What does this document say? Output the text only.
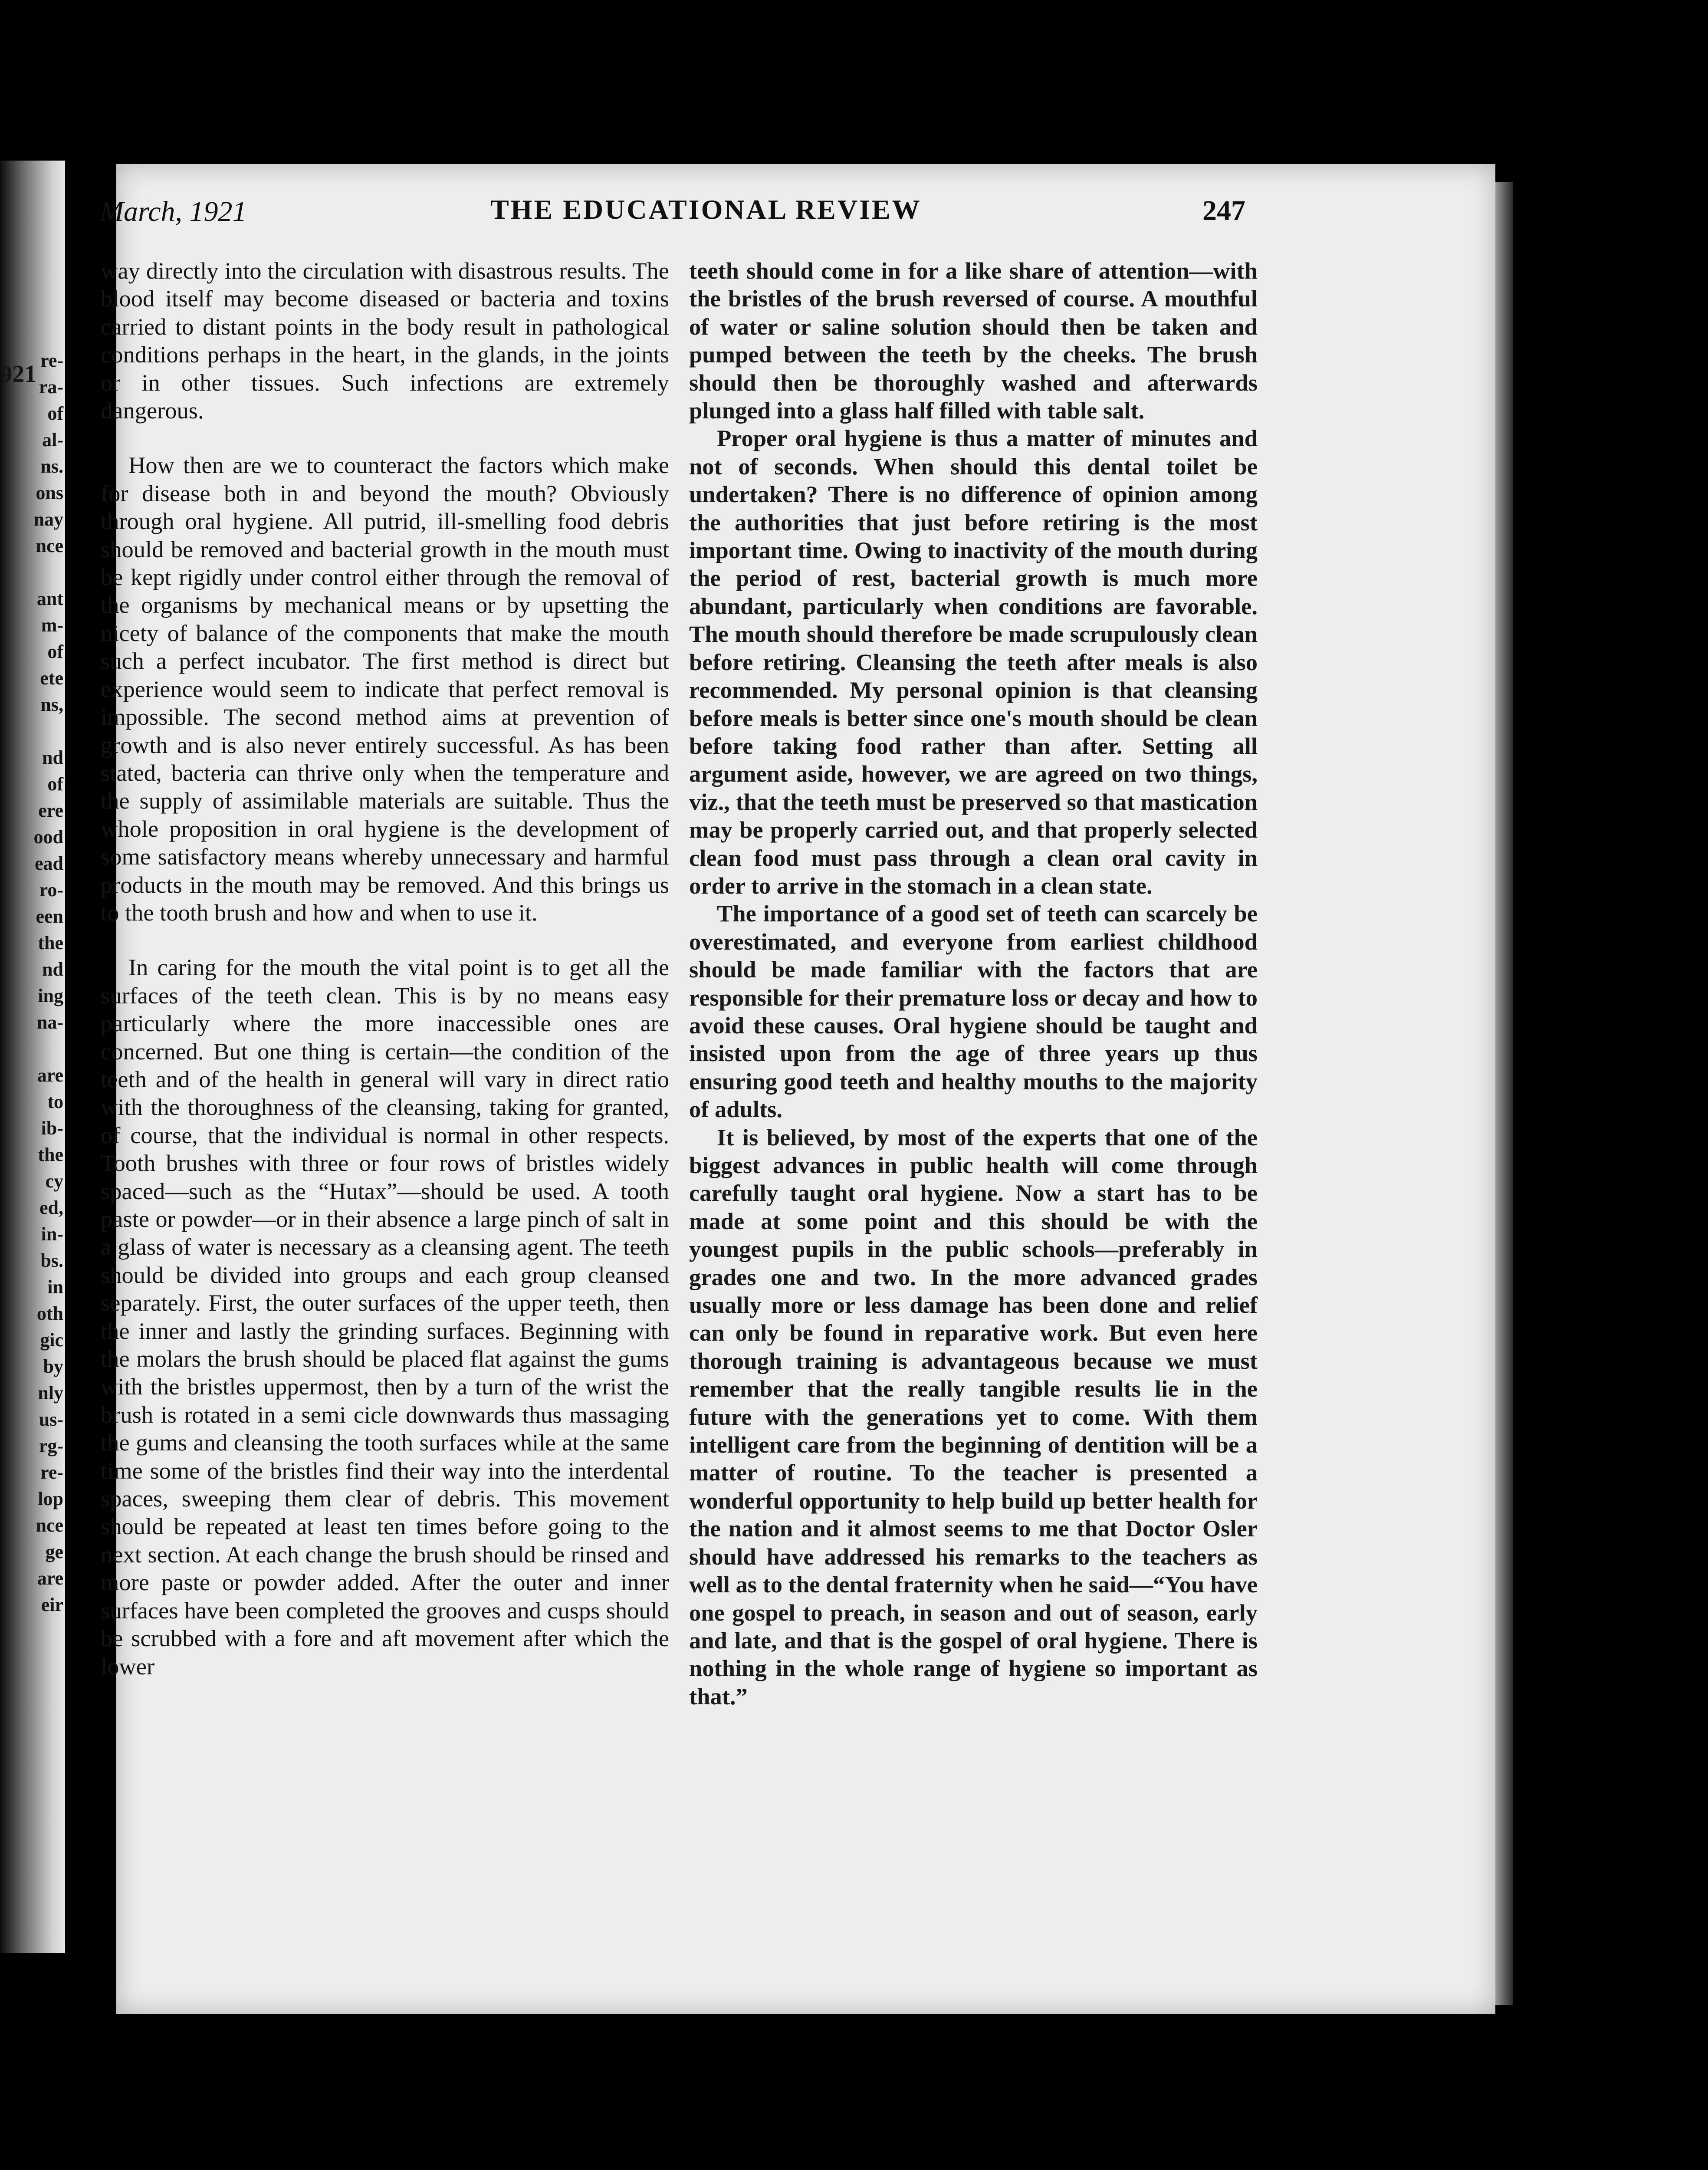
921
re-
ra-
of
al-
ns.
ons
nay
nce

ant
m-
of
ete
ns,

nd
of
ere
ood
ead
ro-
een
the
nd
ing
na-

are
to
ib-
the
cy
ed,
in-
bs.
in
oth
gic
by
nly
us-
rg-
re-
lop
nce
ge
are
eir
March, 1921	THE EDUCATIONAL REVIEW	247

way directly into the circulation with disastrous results. The blood itself may become diseased or bacteria and toxins carried to distant points in the body result in pathological conditions perhaps in the heart, in the glands, in the joints or in other tissues. Such infections are extremely dangerous.

How then are we to counteract the factors which make for disease both in and beyond the mouth? Obviously through oral hygiene. All putrid, ill-smelling food debris should be removed and bacterial growth in the mouth must be kept rigidly under control either through the removal of the organisms by mechanical means or by upsetting the nicety of balance of the components that make the mouth such a perfect incubator. The first method is direct but experience would seem to indicate that perfect removal is impossible. The second method aims at prevention of growth and is also never entirely successful. As has been stated, bacteria can thrive only when the temperature and the supply of assimilable materials are suitable. Thus the whole proposition in oral hygiene is the development of some satisfactory means whereby unnecessary and harmful products in the mouth may be removed. And this brings us to the tooth brush and how and when to use it.

In caring for the mouth the vital point is to get all the surfaces of the teeth clean. This is by no means easy particularly where the more inaccessible ones are concerned. But one thing is certain—the condition of the teeth and of the health in general will vary in direct ratio with the thoroughness of the cleansing, taking for granted, of course, that the individual is normal in other respects. Tooth brushes with three or four rows of bristles widely spaced—such as the “Hutax”—should be used. A tooth paste or powder—or in their absence a large pinch of salt in a glass of water is necessary as a cleansing agent. The teeth should be divided into groups and each group cleansed separately. First, the outer surfaces of the upper teeth, then the inner and lastly the grinding surfaces. Beginning with the molars the brush should be placed flat against the gums with the bristles uppermost, then by a turn of the wrist the brush is rotated in a semi cicle downwards thus massaging the gums and cleansing the tooth surfaces while at the same time some of the bristles find their way into the interdental spaces, sweeping them clear of debris. This movement should be repeated at least ten times before going to the next section. At each change the brush should be rinsed and more paste or powder added. After the outer and inner surfaces have been completed the grooves and cusps should be scrubbed with a fore and aft movement after which the lower

teeth should come in for a like share of attention—with the bristles of the brush reversed of course. A mouthful of water or saline solution should then be taken and pumped between the teeth by the cheeks. The brush should then be thoroughly washed and afterwards plunged into a glass half filled with table salt.

Proper oral hygiene is thus a matter of minutes and not of seconds. When should this dental toilet be undertaken? There is no difference of opinion among the authorities that just before retiring is the most important time. Owing to inactivity of the mouth during the period of rest, bacterial growth is much more abundant, particularly when conditions are favorable. The mouth should therefore be made scrupulously clean before retiring. Cleansing the teeth after meals is also recommended. My personal opinion is that cleansing before meals is better since one's mouth should be clean before taking food rather than after. Setting all argument aside, however, we are agreed on two things, viz., that the teeth must be preserved so that mastication may be properly carried out, and that properly selected clean food must pass through a clean oral cavity in order to arrive in the stomach in a clean state.

The importance of a good set of teeth can scarcely be overestimated, and everyone from earliest childhood should be made familiar with the factors that are responsible for their premature loss or decay and how to avoid these causes. Oral hygiene should be taught and insisted upon from the age of three years up thus ensuring good teeth and healthy mouths to the majority of adults.

It is believed, by most of the experts that one of the biggest advances in public health will come through carefully taught oral hygiene. Now a start has to be made at some point and this should be with the youngest pupils in the public schools—preferably in grades one and two. In the more advanced grades usually more or less damage has been done and relief can only be found in reparative work. But even here thorough training is advantageous because we must remember that the really tangible results lie in the future with the generations yet to come. With them intelligent care from the beginning of dentition will be a matter of routine. To the teacher is presented a wonderful opportunity to help build up better health for the nation and it almost seems to me that Doctor Osler should have addressed his remarks to the teachers as well as to the dental fraternity when he said—“You have one gospel to preach, in season and out of season, early and late, and that is the gospel of oral hygiene. There is nothing in the whole range of hygiene so important as that.”
